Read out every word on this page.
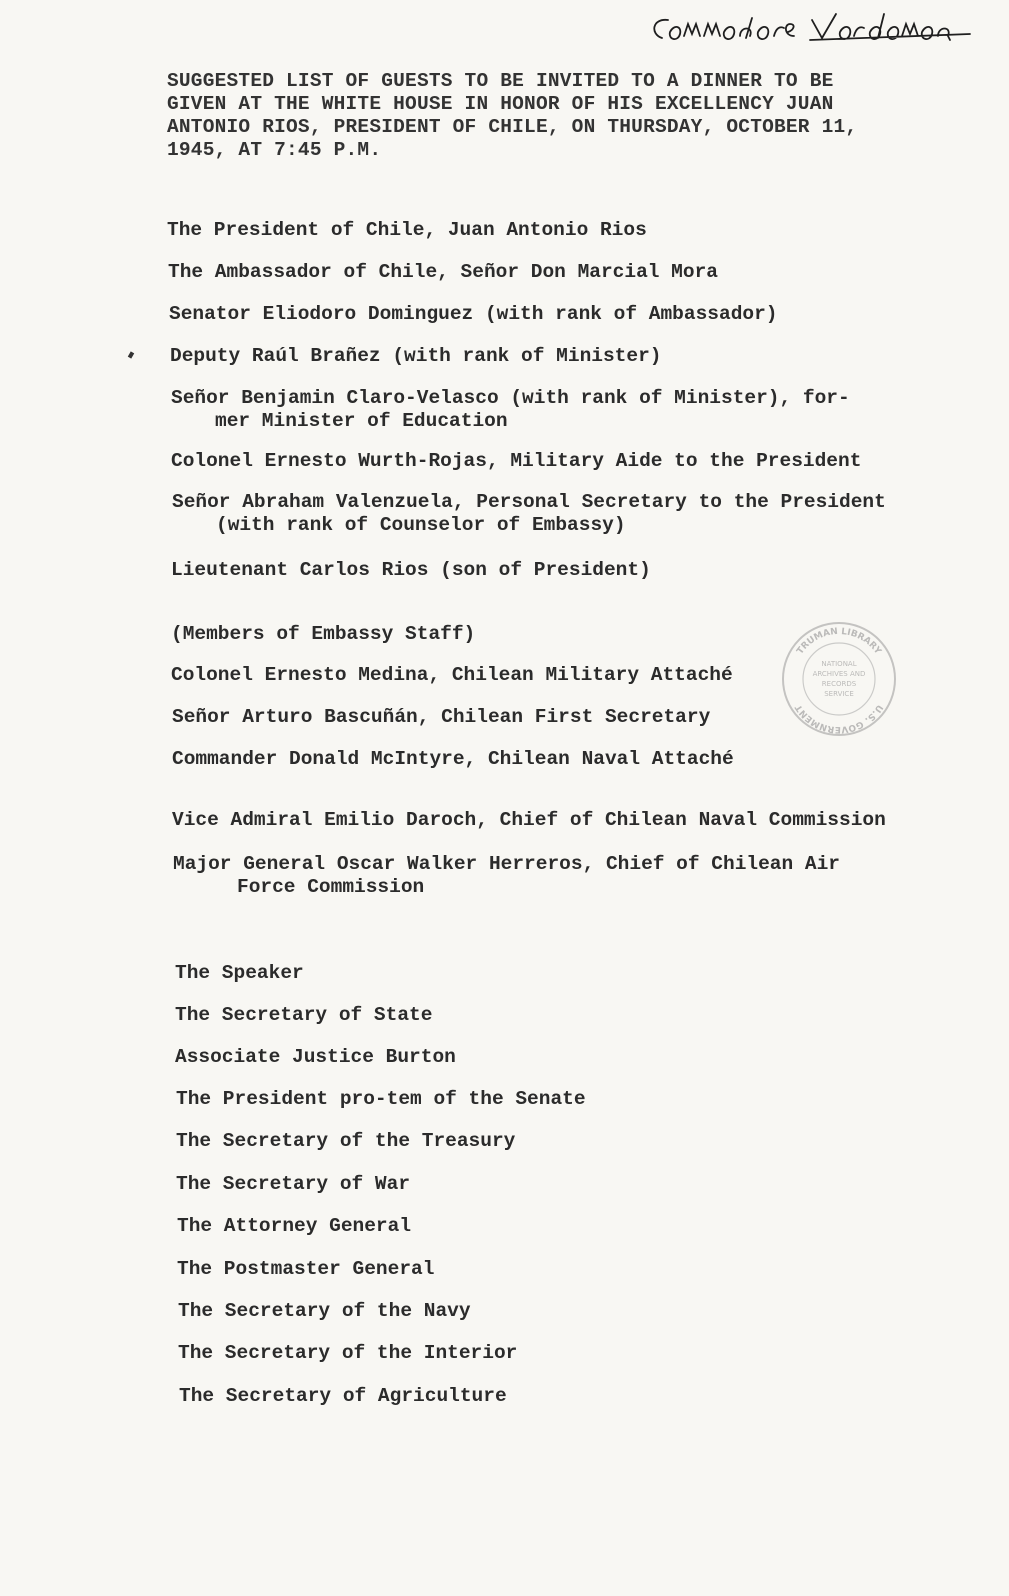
SUGGESTED LIST OF GUESTS TO BE INVITED TO A DINNER TO BE
GIVEN AT THE WHITE HOUSE IN HONOR OF HIS EXCELLENCY JUAN
ANTONIO RIOS, PRESIDENT OF CHILE, ON THURSDAY, OCTOBER 11,
1945, AT 7:45 P.M.
The President of Chile, Juan Antonio Rios
The Ambassador of Chile, Señor Don Marcial Mora
Senator Eliodoro Dominguez (with rank of Ambassador)
Deputy Raúl Brañez (with rank of Minister)
Señor Benjamin Claro-Velasco (with rank of Minister), for-
mer Minister of Education
Colonel Ernesto Wurth-Rojas, Military Aide to the President
Señor Abraham Valenzuela, Personal Secretary to the President
(with rank of Counselor of Embassy)
Lieutenant Carlos Rios (son of President)
(Members of Embassy Staff)
Colonel Ernesto Medina, Chilean Military Attaché
Señor Arturo Bascuñán, Chilean First Secretary
Commander Donald McIntyre, Chilean Naval Attaché
Vice Admiral Emilio Daroch, Chief of Chilean Naval Commission
Major General Oscar Walker Herreros, Chief of Chilean Air
Force Commission
The Speaker
The Secretary of State
Associate Justice Burton
The President pro-tem of the Senate
The Secretary of the Treasury
The Secretary of War
The Attorney General
The Postmaster General
The Secretary of the Navy
The Secretary of the Interior
The Secretary of Agriculture
TRUMAN LIBRARY
U.S. GOVERNMENT
NATIONAL
ARCHIVES AND
RECORDS
SERVICE
